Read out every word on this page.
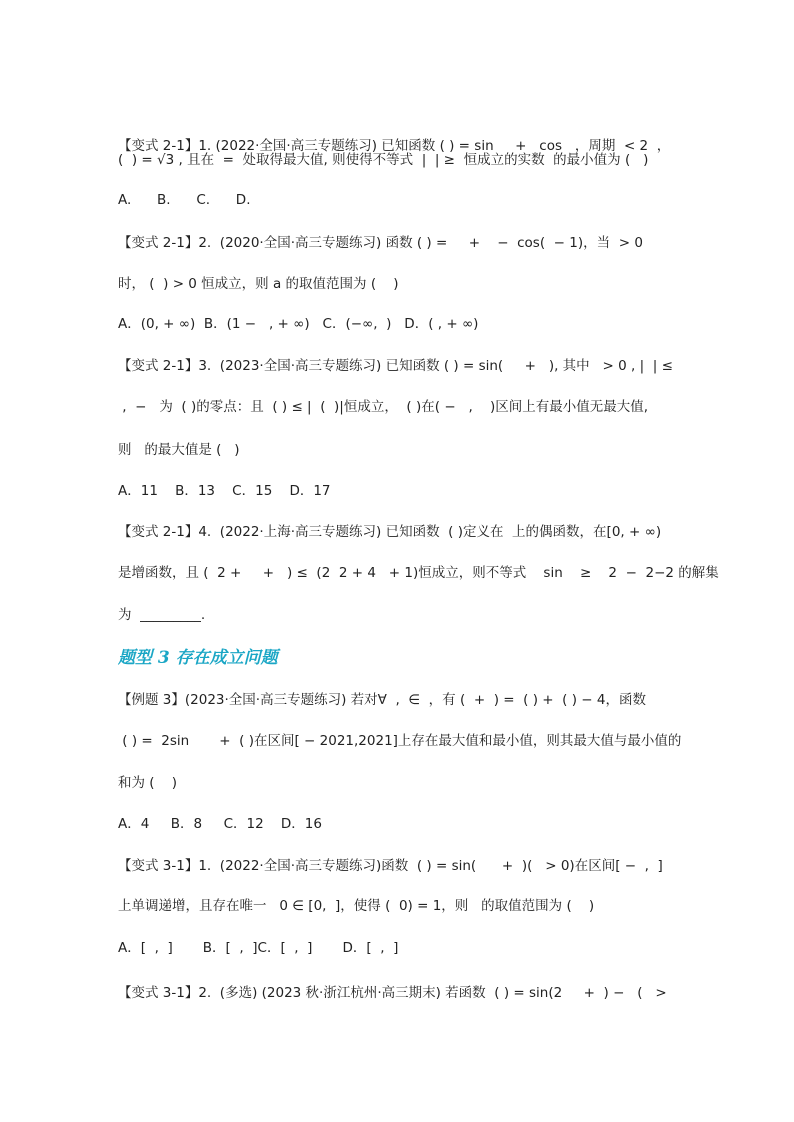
【变式 2-1】1. (2022·全国·高三专题练习) 已知函数 ( ) = sin     +   cos   ，周期  < 2  ，
(  ) = √3 , 且在  =  处取得最大值, 则使得不等式  |  | ≥  恒成立的实数  的最小值为 (   )
A.      B.      C.      D.
【变式 2-1】2.  (2020·全国·高三专题练习) 函数 ( ) =     +    −  cos(  − 1)，当  > 0
时， (  ) > 0 恒成立，则 a 的取值范围为 (    )
A．(0, + ∞)  B．(1 −   , + ∞)   C．(−∞,  )   D．( , + ∞)
【变式 2-1】3.  (2023·全国·高三专题练习) 已知函数 ( ) = sin(     +   ), 其中   > 0 , |  | ≤
,  −   为  ( )的零点：且  ( ) ≤ |  (  )|恒成立，  ( )在( −   ,    )区间上有最小值无最大值,
则   的最大值是 (   )
A．11    B．13    C．15    D．17
【变式 2-1】4.  (2022·上海·高三专题练习) 已知函数  ( )定义在  上的偶函数，在[0, + ∞)
是增函数，且 (  2 +     +   ) ≤  (2  2 + 4   + 1)恒成立，则不等式    sin    ≥    2  −  2−2 的解集
为  _________.
题型 3 存在成立问题
【例题 3】(2023·全国·高三专题练习) 若对∀  ,  ∈  ，有 (  +  ) =  ( ) +  ( ) − 4，函数
( ) =  2sin       +  ( )在区间[ − 2021,2021]上存在最大值和最小值，则其最大值与最小值的
和为 (    )
A．4     B．8     C．12    D．16
【变式 3-1】1.  (2022·全国·高三专题练习)函数  ( ) = sin(      +  )(   > 0)在区间[ −  ,  ]
上单调递增，且存在唯一   0 ∈ [0,  ]，使得 (  0) = 1，则   的取值范围为 (    )
A．[  ,  ]       B．[  ,  ]C．[  ,  ]       D．[  ,  ]
【变式 3-1】2.  (多选) (2023 秋·浙江杭州·高三期末) 若函数  ( ) = sin(2     +  ) −   (   >
